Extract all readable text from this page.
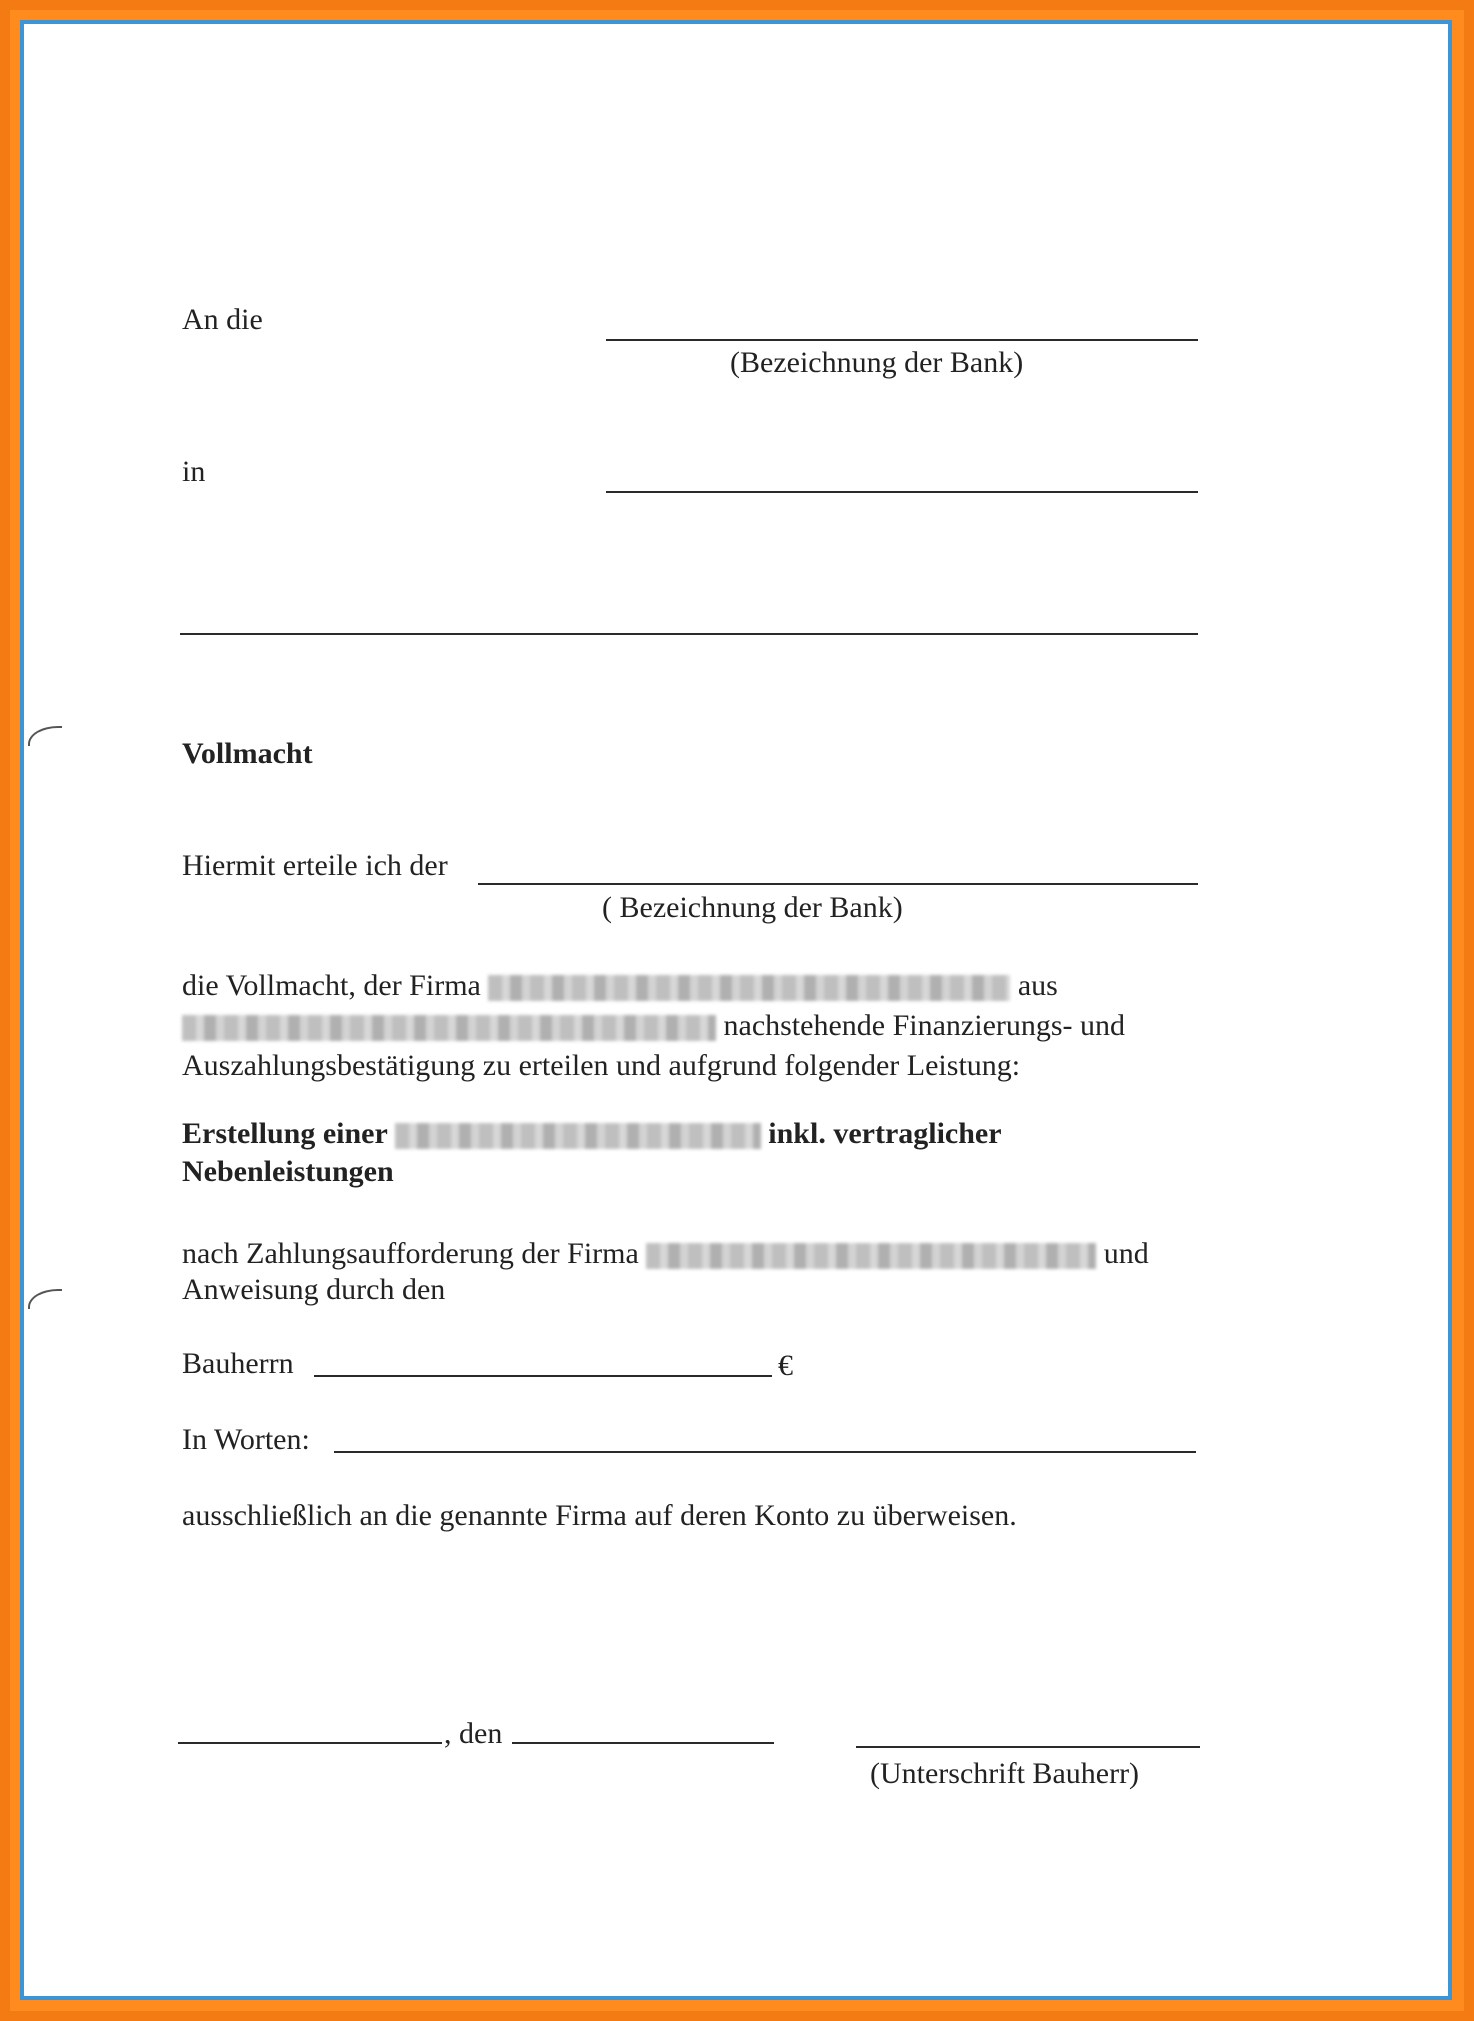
An die
(Bezeichnung der Bank)
in
Vollmacht
Hiermit erteile ich der
( Bezeichnung der Bank)
die Vollmacht, der Firma	aus
nachstehende Finanzierungs- und
Auszahlungsbestätigung zu erteilen und aufgrund folgender Leistung:
Erstellung einer	inkl. vertraglicher
Nebenleistungen
nach Zahlungsaufforderung der Firma	und
Anweisung durch den
Bauherrn	€
In Worten:
ausschließlich an die genannte Firma auf deren Konto zu überweisen.
, den
(Unterschrift Bauherr)
